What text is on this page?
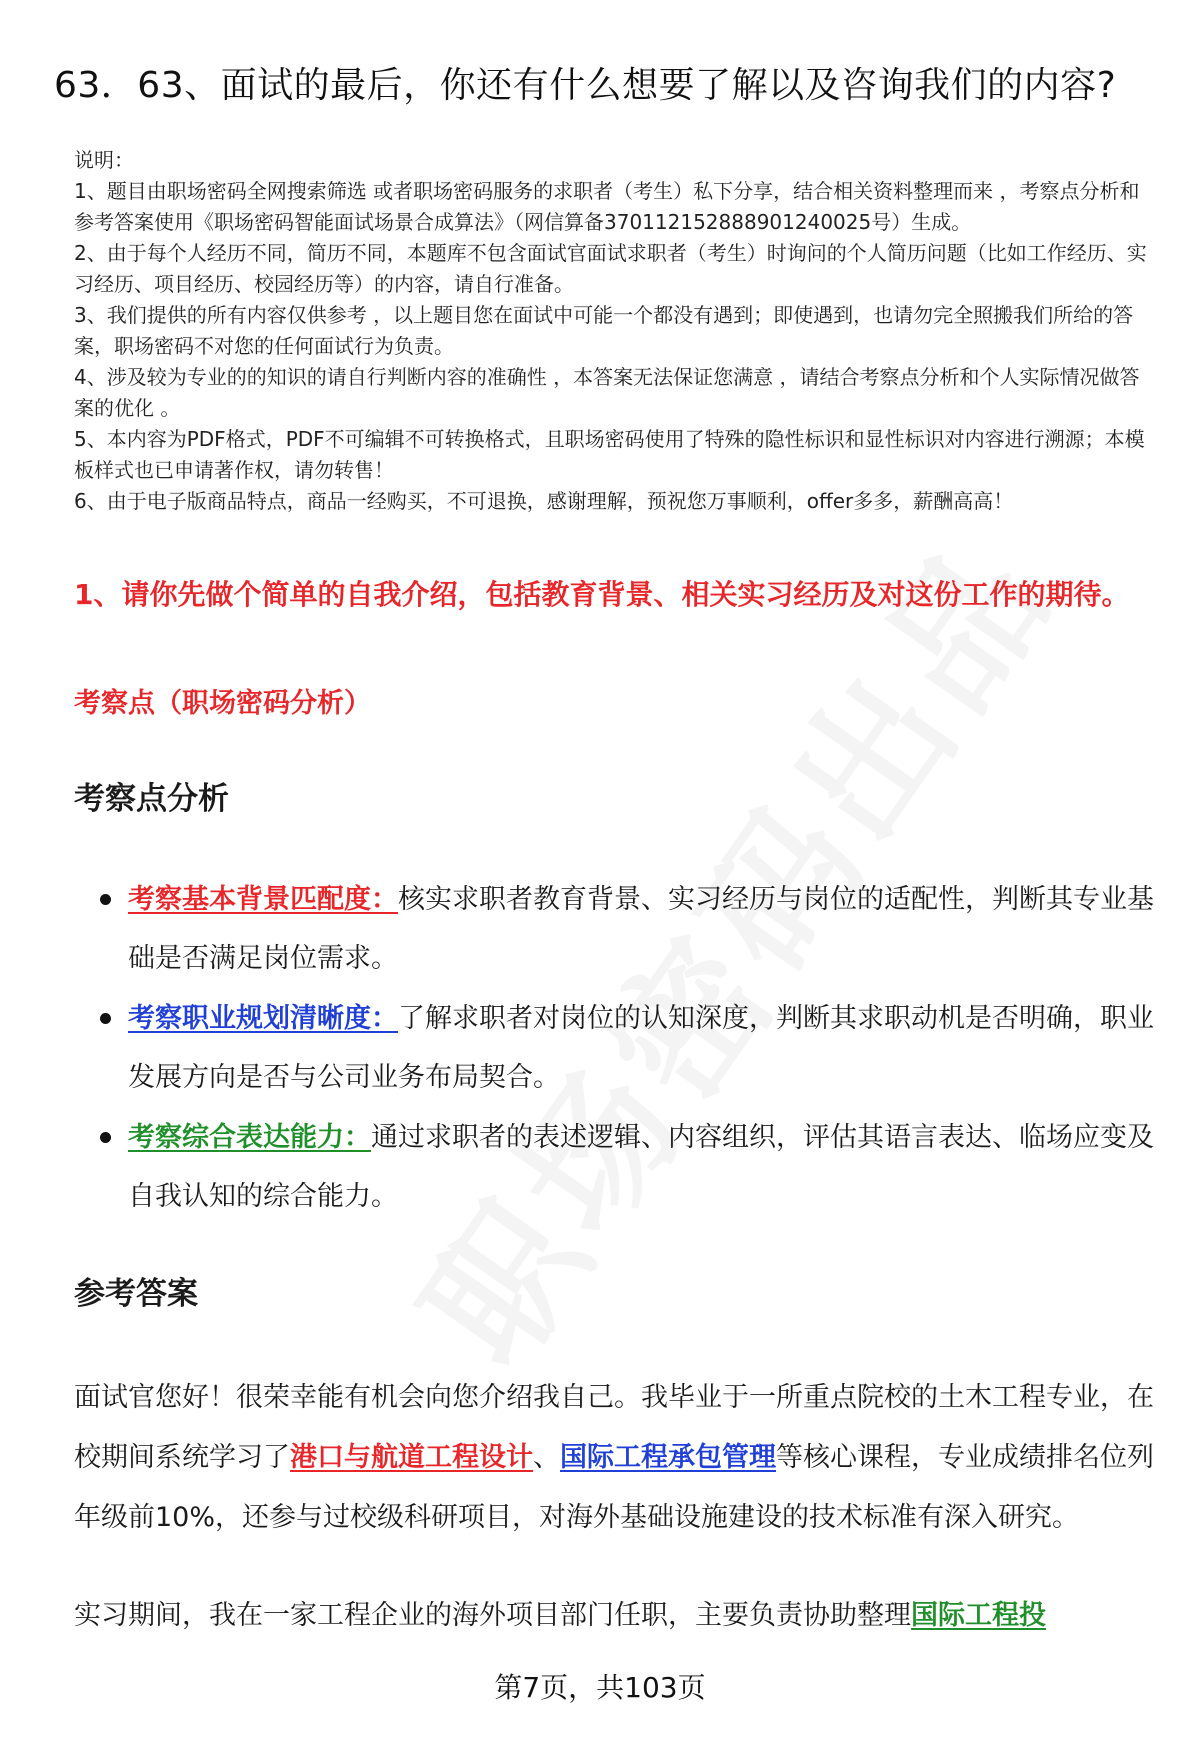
63．63、面试的最后，你还有什么想要了解以及咨询我们的内容?

说明：

1、题目由职场密码全网搜索筛选 或者职场密码服务的求职者（考生）私下分享，结合相关资料整理而来 ，考察点分析和参考答案使用《职场密码智能面试场景合成算法》（网信算备370112152888901240025号）生成。

2、由于每个人经历不同，简历不同，本题库不包含面试官面试求职者（考生）时询问的个人简历问题（比如工作经历、实习经历、项目经历、校园经历等）的内容，请自行准备。

3、我们提供的所有内容仅供参考 ，以上题目您在面试中可能一个都没有遇到；即使遇到，也请勿完全照搬我们所给的答案，职场密码不对您的任何面试行为负责。

4、涉及较为专业的的知识的请自行判断内容的准确性 ，本答案无法保证您满意 ，请结合考察点分析和个人实际情况做答案的优化 。

5、本内容为PDF格式，PDF不可编辑不可转换格式，且职场密码使用了特殊的隐性标识和显性标识对内容进行溯源；本模板样式也已申请著作权，请勿转售！

6、由于电子版商品特点，商品一经购买，不可退换，感谢理解，预祝您万事顺利，offer多多，薪酬高高！

1、请你先做个简单的自我介绍，包括教育背景、相关实习经历及对这份工作的期待。
考察点（职场密码分析）
考察点分析
考察基本背景匹配度：核实求职者教育背景、实习经历与岗位的适配性，判断其专业基础是否满足岗位需求。
考察职业规划清晰度：了解求职者对岗位的认知深度，判断其求职动机是否明确，职业发展方向是否与公司业务布局契合。
考察综合表达能力：通过求职者的表述逻辑、内容组织，评估其语言表达、临场应变及自我认知的综合能力。
参考答案

面试官您好！很荣幸能有机会向您介绍我自己。我毕业于一所重点院校的土木工程专业，在校期间系统学习了港口与航道工程设计、国际工程承包管理等核心课程，专业成绩排名位列年级前10%，还参与过校级科研项目，对海外基础设施建设的技术标准有深入研究。

实习期间，我在一家工程企业的海外项目部门任职，主要负责协助整理国际工程投

第7页，共103页
